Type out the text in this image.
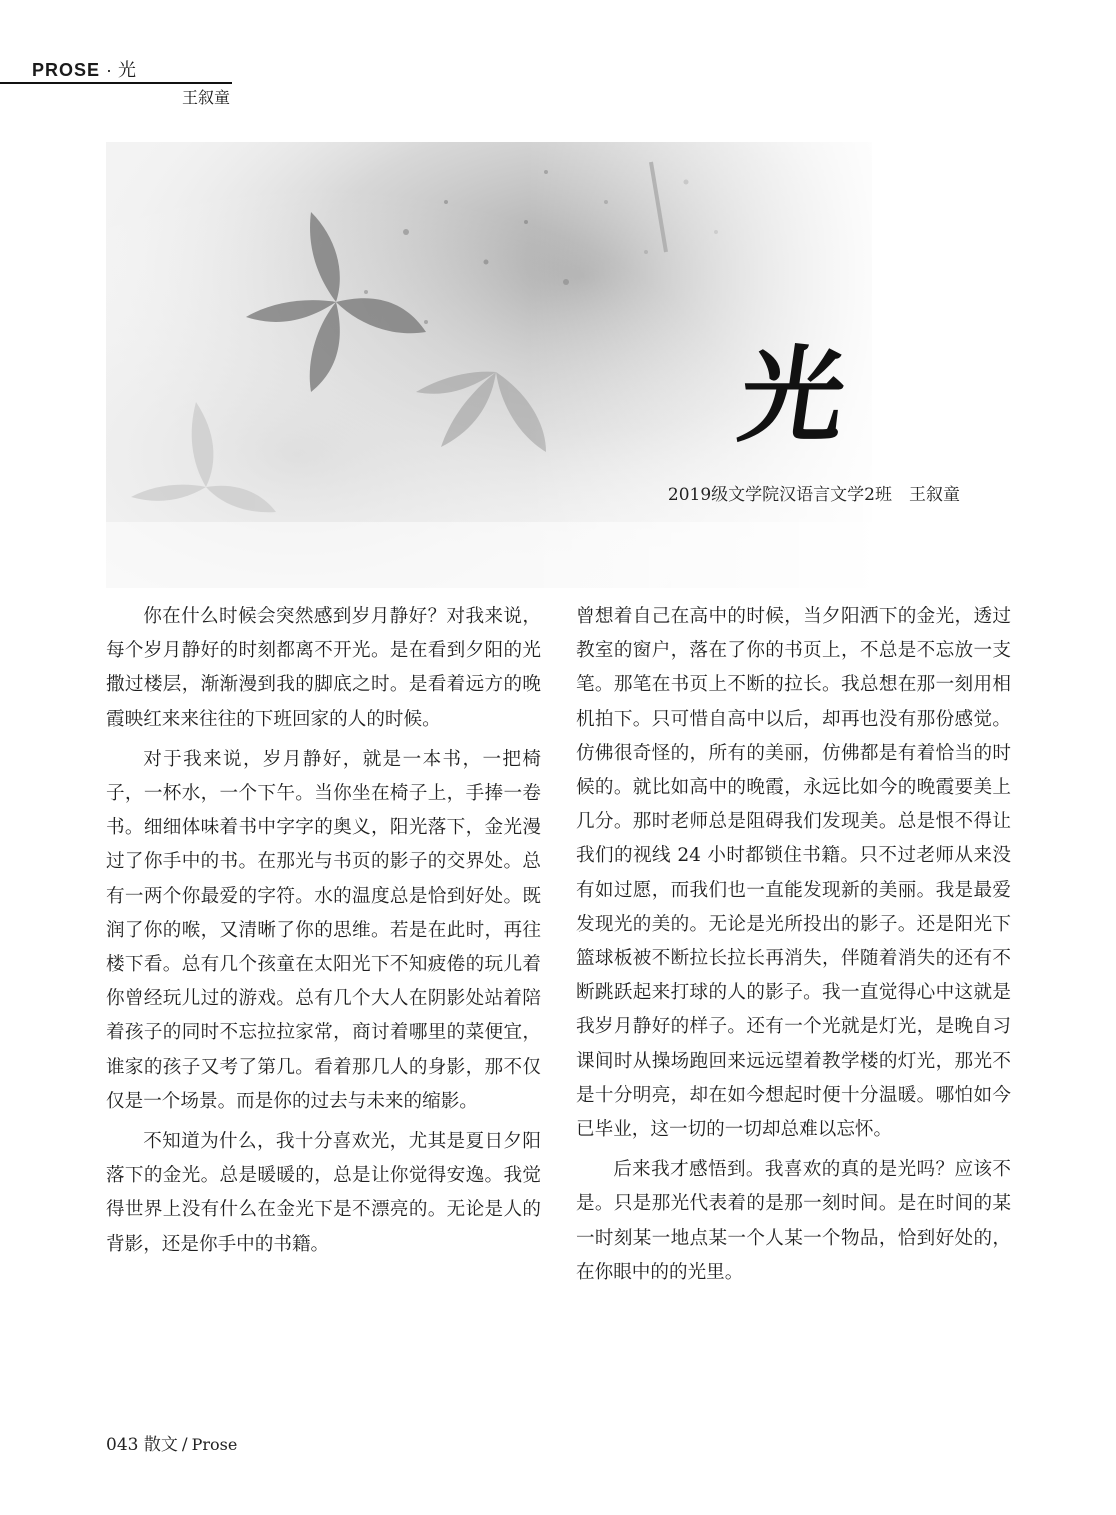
PROSE · 光
王叙童
光
2019级文学院汉语言文学2班　王叙童

你在什么时候会突然感到岁月静好？对我来说，每个岁月静好的时刻都离不开光。是在看到夕阳的光撒过楼层，渐渐漫到我的脚底之时。是看着远方的晚霞映红来来往往的下班回家的人的时候。

对于我来说，岁月静好，就是一本书，一把椅子，一杯水，一个下午。当你坐在椅子上，手捧一卷书。细细体味着书中字字的奥义，阳光落下，金光漫过了你手中的书。在那光与书页的影子的交界处。总有一两个你最爱的字符。水的温度总是恰到好处。既润了你的喉，又清晰了你的思维。若是在此时，再往楼下看。总有几个孩童在太阳光下不知疲倦的玩儿着你曾经玩儿过的游戏。总有几个大人在阴影处站着陪着孩子的同时不忘拉拉家常，商讨着哪里的菜便宜，谁家的孩子又考了第几。看着那几人的身影，那不仅仅是一个场景。而是你的过去与未来的缩影。

不知道为什么，我十分喜欢光，尤其是夏日夕阳落下的金光。总是暖暖的，总是让你觉得安逸。我觉得世界上没有什么在金光下是不漂亮的。无论是人的背影，还是你手中的书籍。

曾想着自己在高中的时候，当夕阳洒下的金光，透过教室的窗户，落在了你的书页上，不总是不忘放一支笔。那笔在书页上不断的拉长。我总想在那一刻用相机拍下。只可惜自高中以后，却再也没有那份感觉。仿佛很奇怪的，所有的美丽，仿佛都是有着恰当的时候的。就比如高中的晚霞，永远比如今的晚霞要美上几分。那时老师总是阻碍我们发现美。总是恨不得让我们的视线 24 小时都锁住书籍。只不过老师从来没有如过愿，而我们也一直能发现新的美丽。我是最爱发现光的美的。无论是光所投出的影子。还是阳光下篮球板被不断拉长拉长再消失，伴随着消失的还有不断跳跃起来打球的人的影子。我一直觉得心中这就是我岁月静好的样子。还有一个光就是灯光，是晚自习课间时从操场跑回来远远望着教学楼的灯光，那光不是十分明亮，却在如今想起时便十分温暖。哪怕如今已毕业，这一切的一切却总难以忘怀。

后来我才感悟到。我喜欢的真的是光吗？应该不是。只是那光代表着的是那一刻时间。是在时间的某一时刻某一地点某一个人某一个物品，恰到好处的，在你眼中的的光里。

043 散文 / Prose
